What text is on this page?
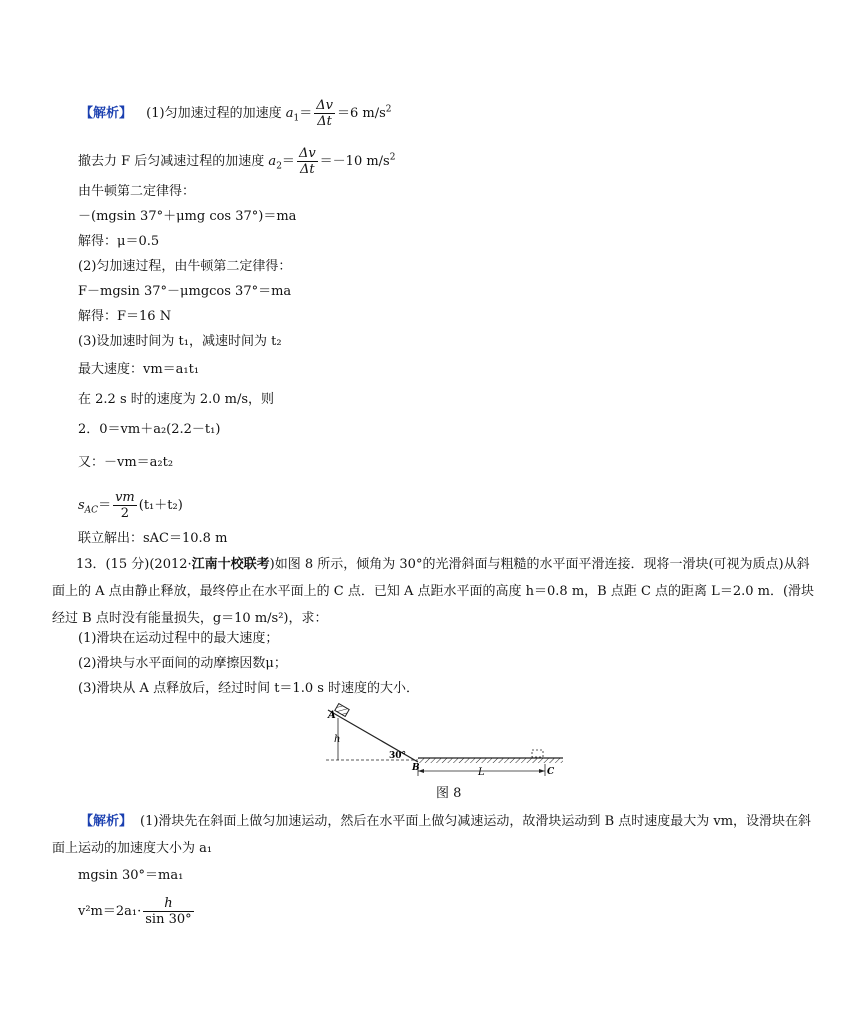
【解析】 (1)匀加速过程的加速度 $a_1= \frac{\Delta v}{\Delta t} =6$ $m/s^2$
撤去力 F 后匀减速过程的加速度 $a_2= \frac{\Delta v}{\Delta t} =-10$ $m/s^2$
由牛顿第二定律得：
－(mgsin 37°＋μmg cos 37°)＝ma
解得：μ＝0.5
(2)匀加速过程，由牛顿第二定律得：
F－mgsin 37°－μmgcos 37°＝ma
解得：F＝16 N
(3)设加速时间为 t₁，减速时间为 t₂
最大速度：vm＝a₁t₁
在 2.2 s 时的速度为 2.0 m/s，则
2．0＝vm＋a₂(2.2－t₁)
又：－vm＝a₂t₂
$s_{AC}= \frac{vm}{2} (t_1+t_2)$
联立解出：sAC＝10.8 m
13．(15 分)(2012·江南十校联考)如图 8 所示，倾角为 30°的光滑斜面与粗糙的水平面平滑连接．现将一滑块(可视为质点)从斜面上的 A 点由静止释放，最终停止在水平面上的 C 点．已知 A 点距水平面的高度 h＝0.8 m，B 点距 C 点的距离 L＝2.0 m．(滑块经过 B 点时没有能量损失，g＝10 m/s²)，求：
(1)滑块在运动过程中的最大速度；
(2)滑块与水平面间的动摩擦因数μ；
(3)滑块从 A 点释放后，经过时间 t＝1.0 s 时速度的大小．
A
h
30°
B	L	C
图 8
【解析】 (1)滑块先在斜面上做匀加速运动，然后在水平面上做匀减速运动，故滑块运动到 B 点时速度最大为 vm，设滑块在斜面上运动的加速度大小为 a₁
mgsin 30°＝ma₁
$v^2m=2a_1\cdot \frac{h}{\sin 30^\circ}$
